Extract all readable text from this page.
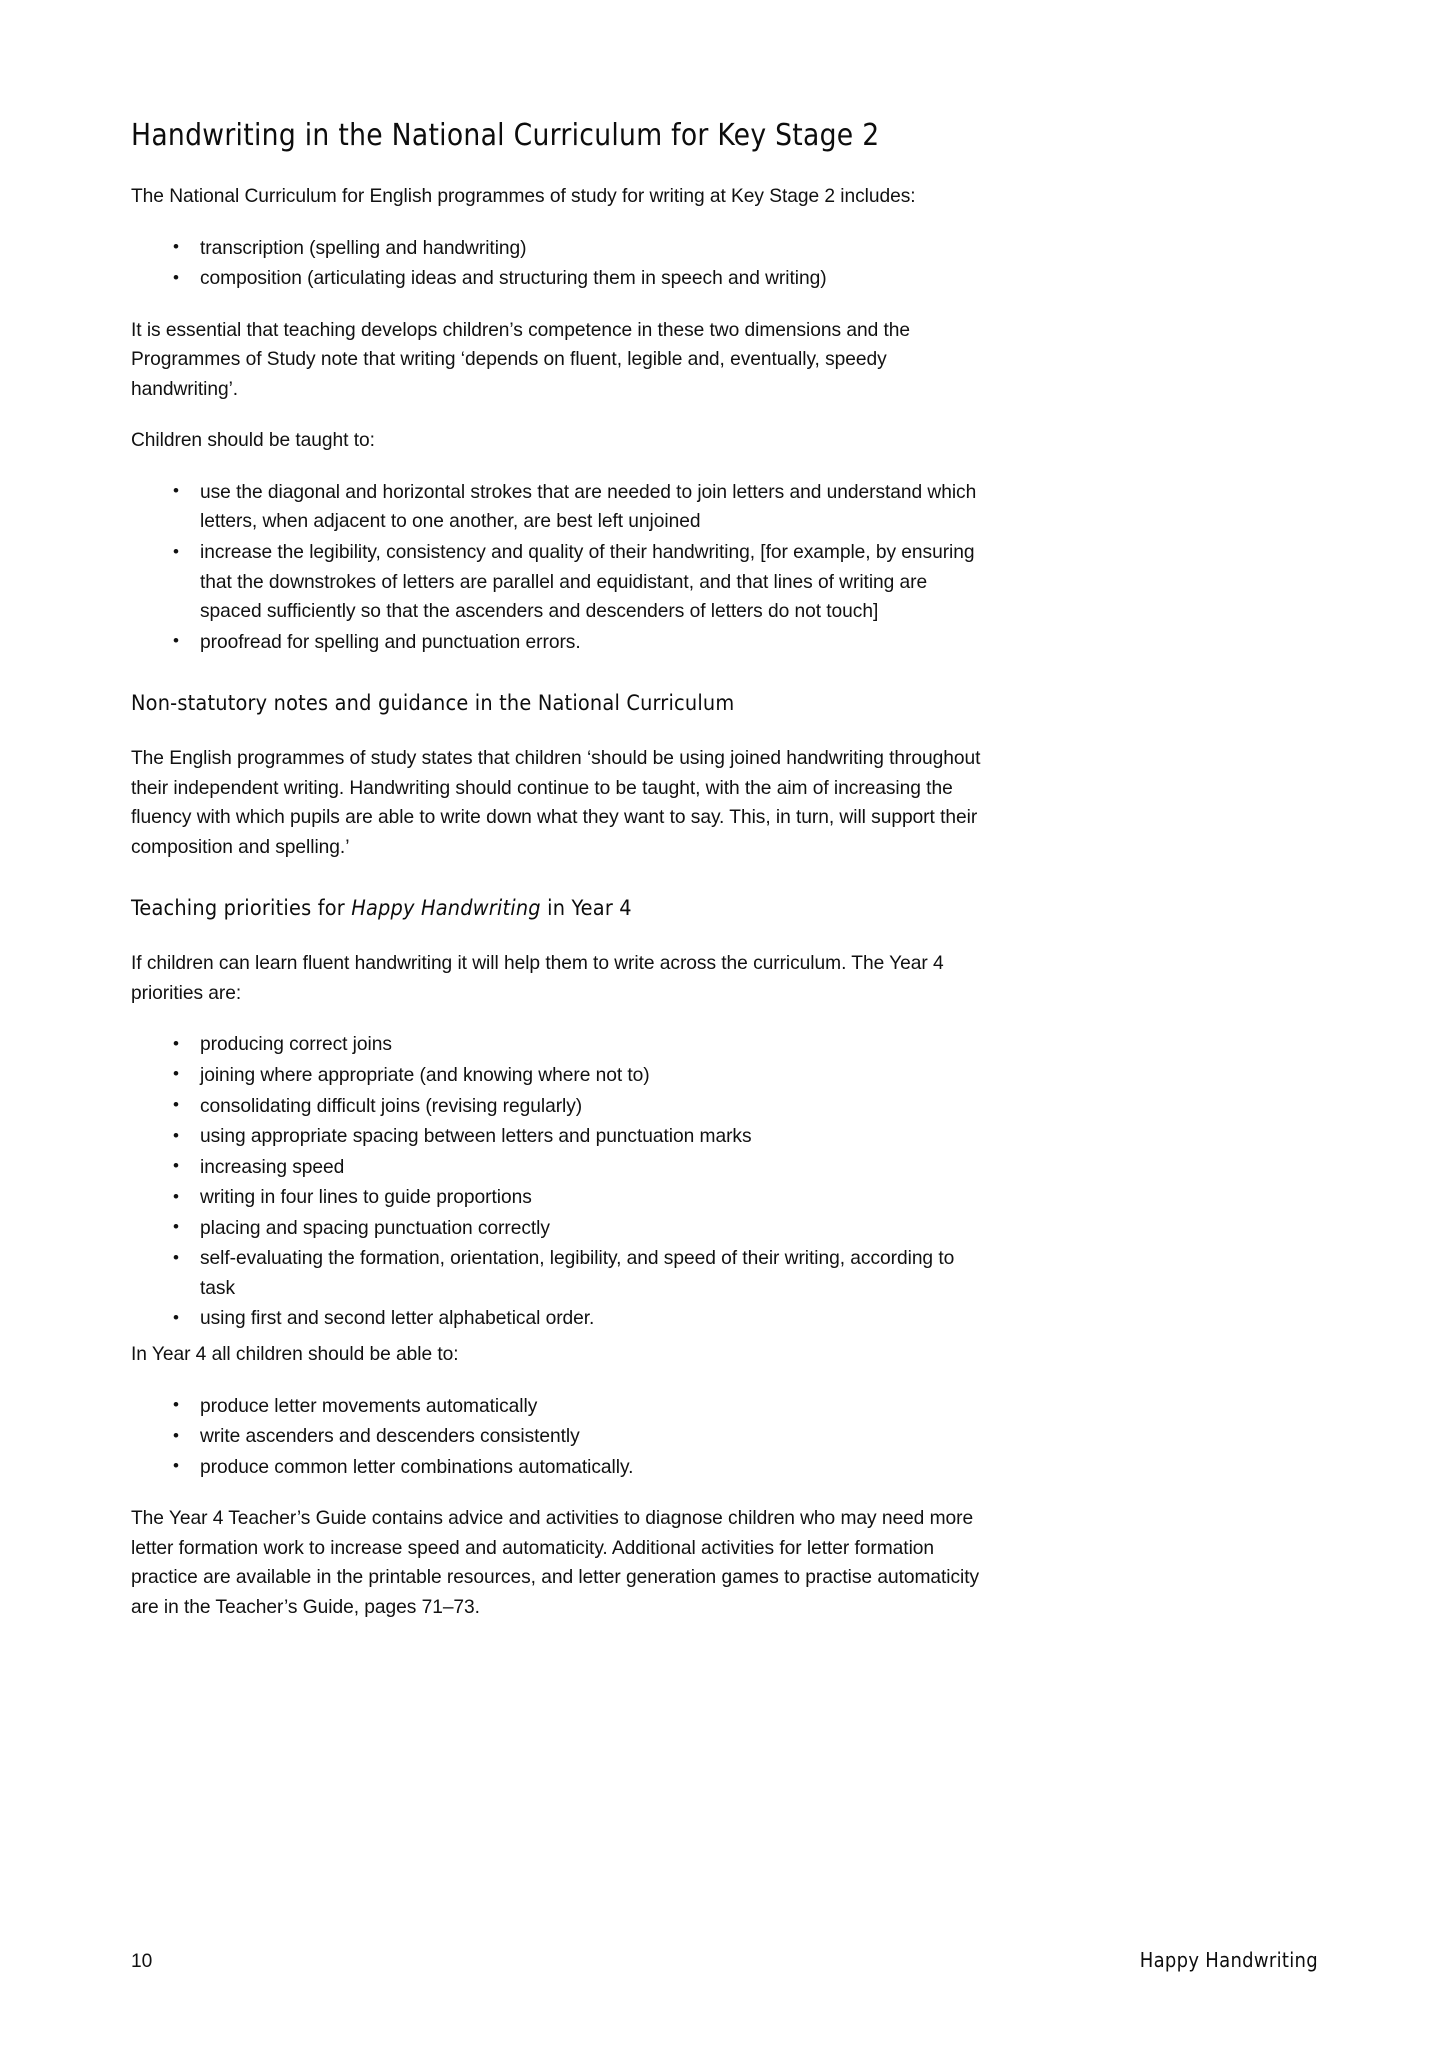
Handwriting in the National Curriculum for Key Stage 2

The National Curriculum for English programmes of study for writing at Key Stage 2 includes:

• transcription (spelling and handwriting)
• composition (articulating ideas and structuring them in speech and writing)

It is essential that teaching develops children’s competence in these two dimensions and the Programmes of Study note that writing ‘depends on fluent, legible and, eventually, speedy handwriting’.

Children should be taught to:

• use the diagonal and horizontal strokes that are needed to join letters and understand which letters, when adjacent to one another, are best left unjoined
• increase the legibility, consistency and quality of their handwriting, [for example, by ensuring that the downstrokes of letters are parallel and equidistant, and that lines of writing are spaced sufficiently so that the ascenders and descenders of letters do not touch]
• proofread for spelling and punctuation errors.
Non-statutory notes and guidance in the National Curriculum

The English programmes of study states that children ‘should be using joined handwriting throughout their independent writing. Handwriting should continue to be taught, with the aim of increasing the fluency with which pupils are able to write down what they want to say. This, in turn, will support their composition and spelling.’

Teaching priorities for Happy Handwriting in Year 4

If children can learn fluent handwriting it will help them to write across the curriculum. The Year 4 priorities are:

• producing correct joins
• joining where appropriate (and knowing where not to)
• consolidating difficult joins (revising regularly)
• using appropriate spacing between letters and punctuation marks
• increasing speed
• writing in four lines to guide proportions
• placing and spacing punctuation correctly
• self-evaluating the formation, orientation, legibility, and speed of their writing, according to task
• using first and second letter alphabetical order.

In Year 4 all children should be able to:

• produce letter movements automatically
• write ascenders and descenders consistently
• produce common letter combinations automatically.

The Year 4 Teacher’s Guide contains advice and activities to diagnose children who may need more letter formation work to increase speed and automaticity. Additional activities for letter formation practice are available in the printable resources, and letter generation games to practise automaticity are in the Teacher’s Guide, pages 71–73.

10	Happy Handwriting
